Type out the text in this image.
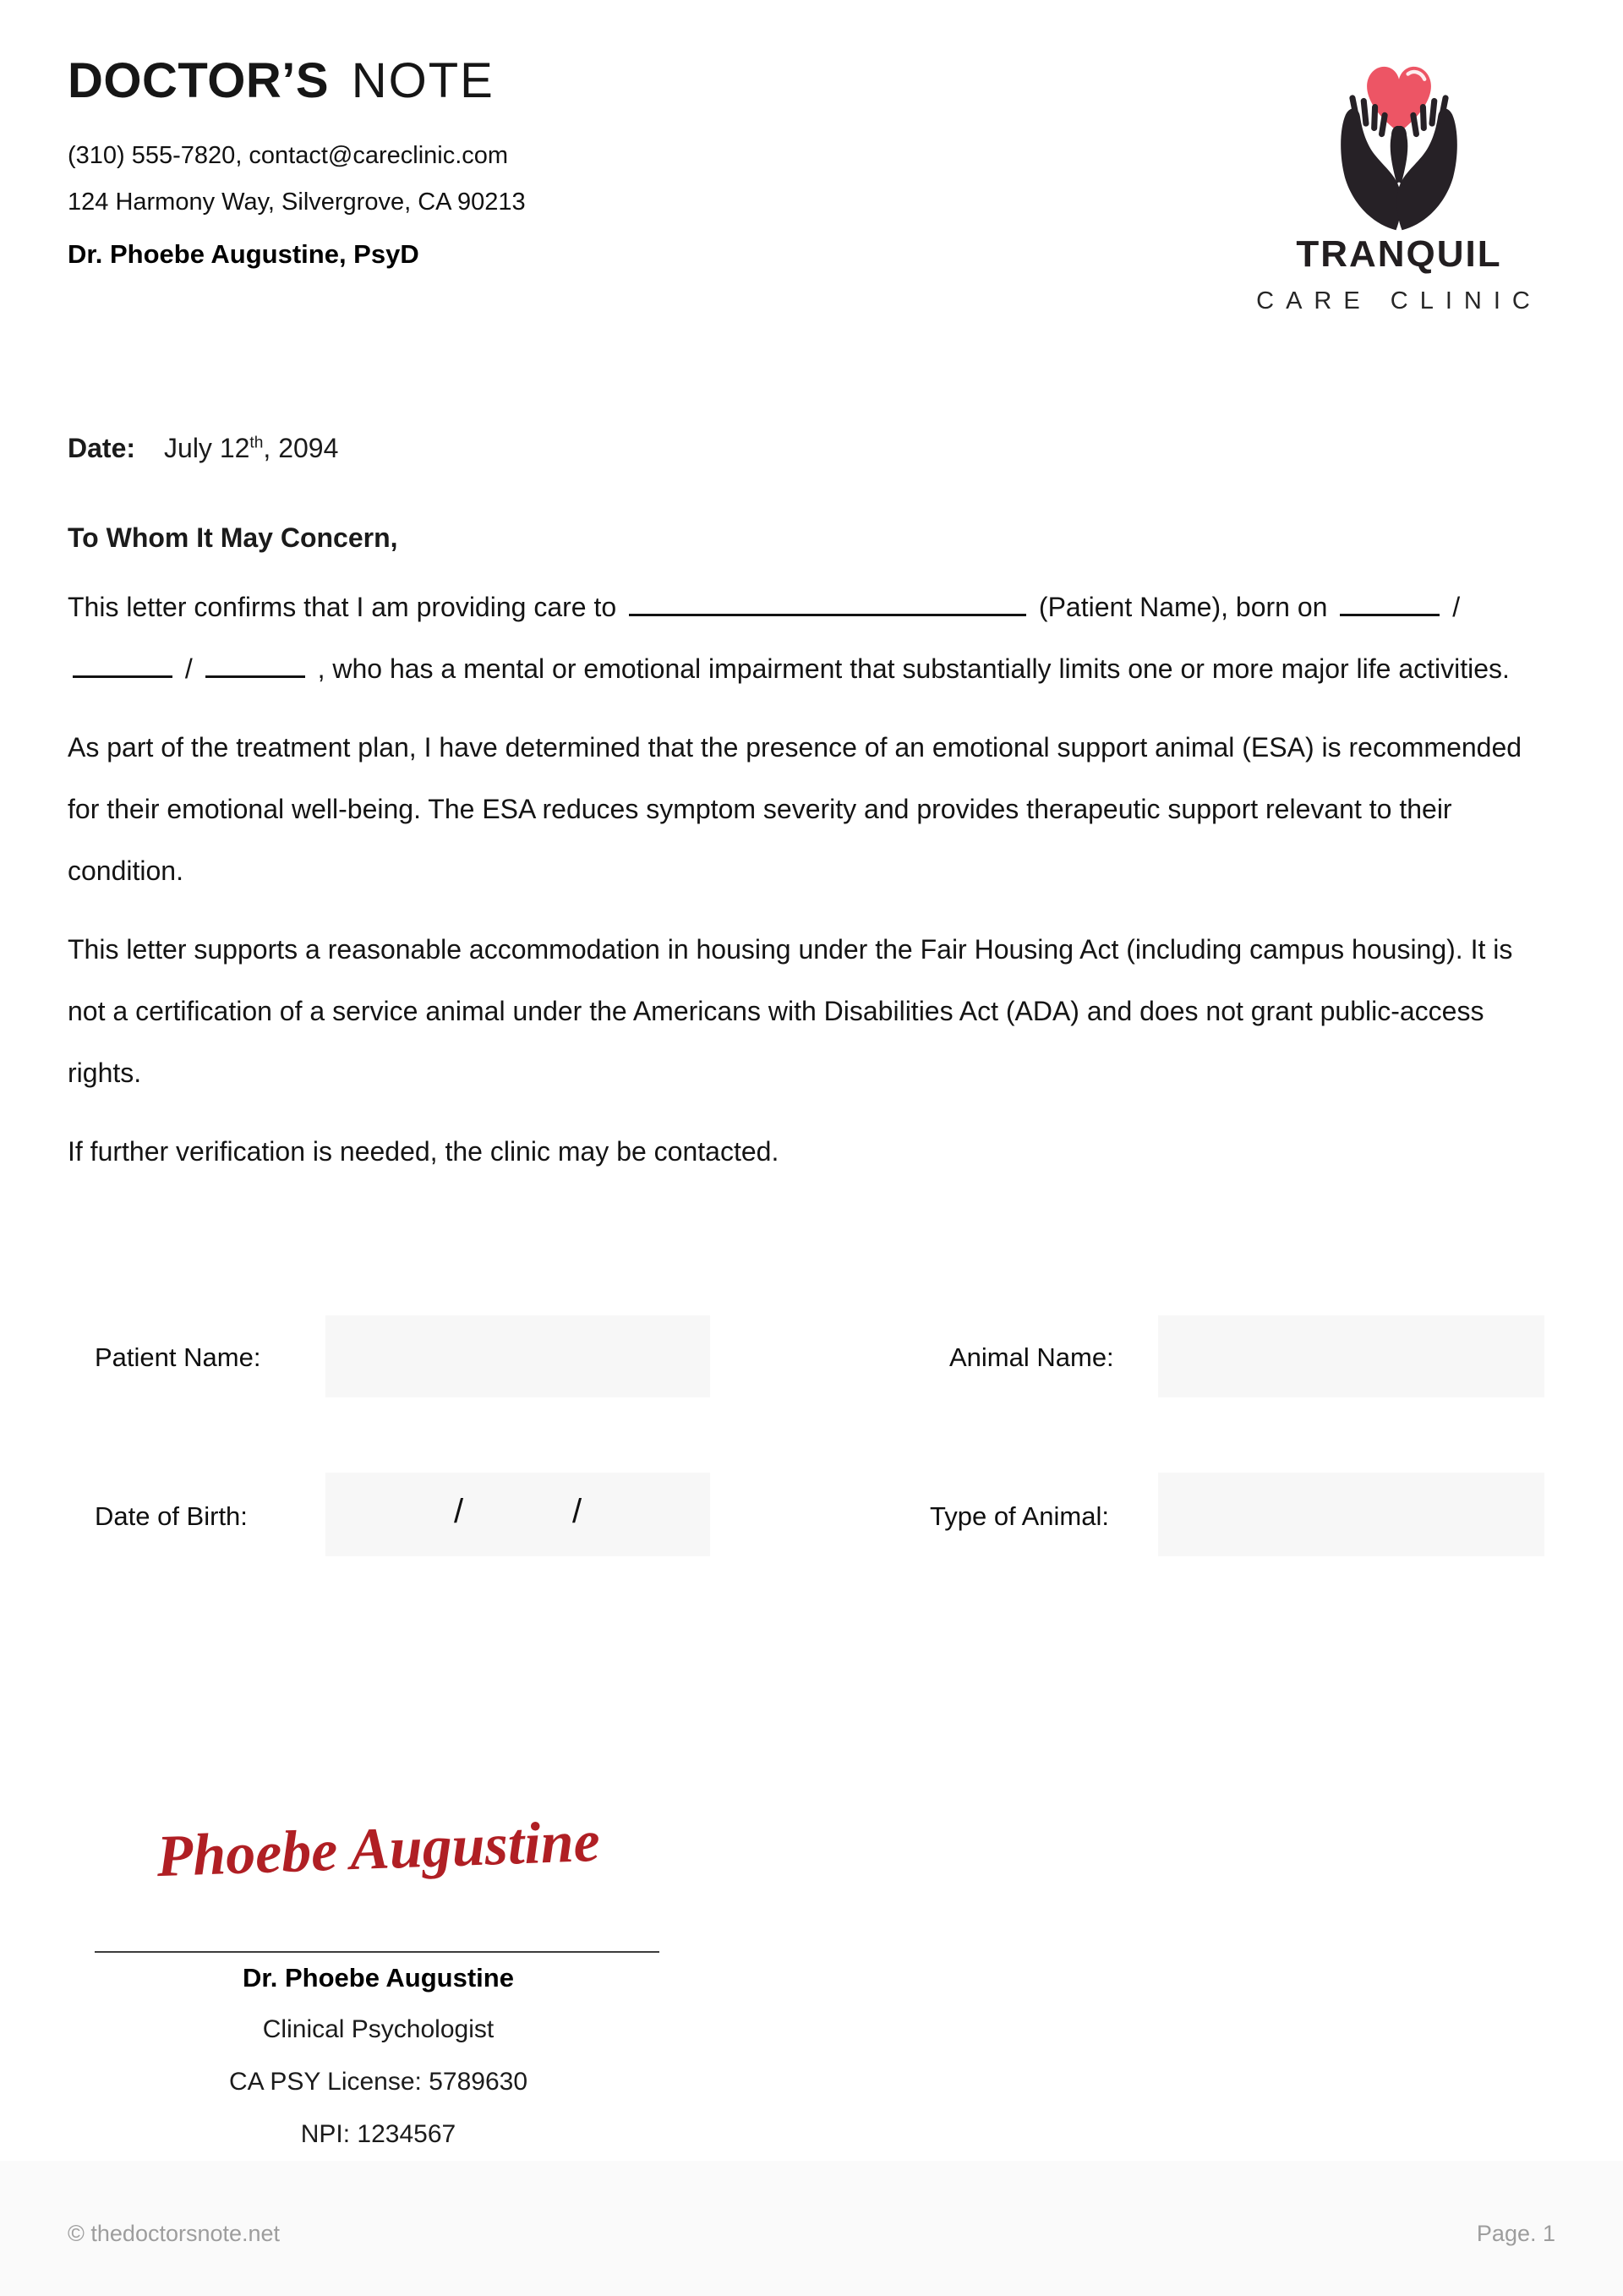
DOCTOR’S NOTE
(310) 555-7820, contact@careclinic.com
124 Harmony Way, Silvergrove, CA 90213
Dr. Phoebe Augustine, PsyD	TRANQUIL
CARE CLINIC
Date: July 12th, 2094
To Whom It May Concern,

This letter confirms that I am providing care to	(Patient Name), born on	/  /	, who has a mental or emotional impairment that substantially limits one or more major life activities.

As part of the treatment plan, I have determined that the presence of an emotional support animal (ESA) is recommended for their emotional well-being. The ESA reduces symptom severity and provides therapeutic support relevant to their condition.

This letter supports a reasonable accommodation in housing under the Fair Housing Act (including campus housing). It is not a certification of a service animal under the Americans with Disabilities Act (ADA) and does not grant public-access rights.

If further verification is needed, the clinic may be contacted.

Patient Name:	Animal Name:
Date of Birth:	/	/	Type of Animal:
Phoebe Augustine
Dr. Phoebe Augustine
Clinical Psychologist
CA PSY License: 5789630
NPI: 1234567
© thedoctorsnote.net	Page. 1
